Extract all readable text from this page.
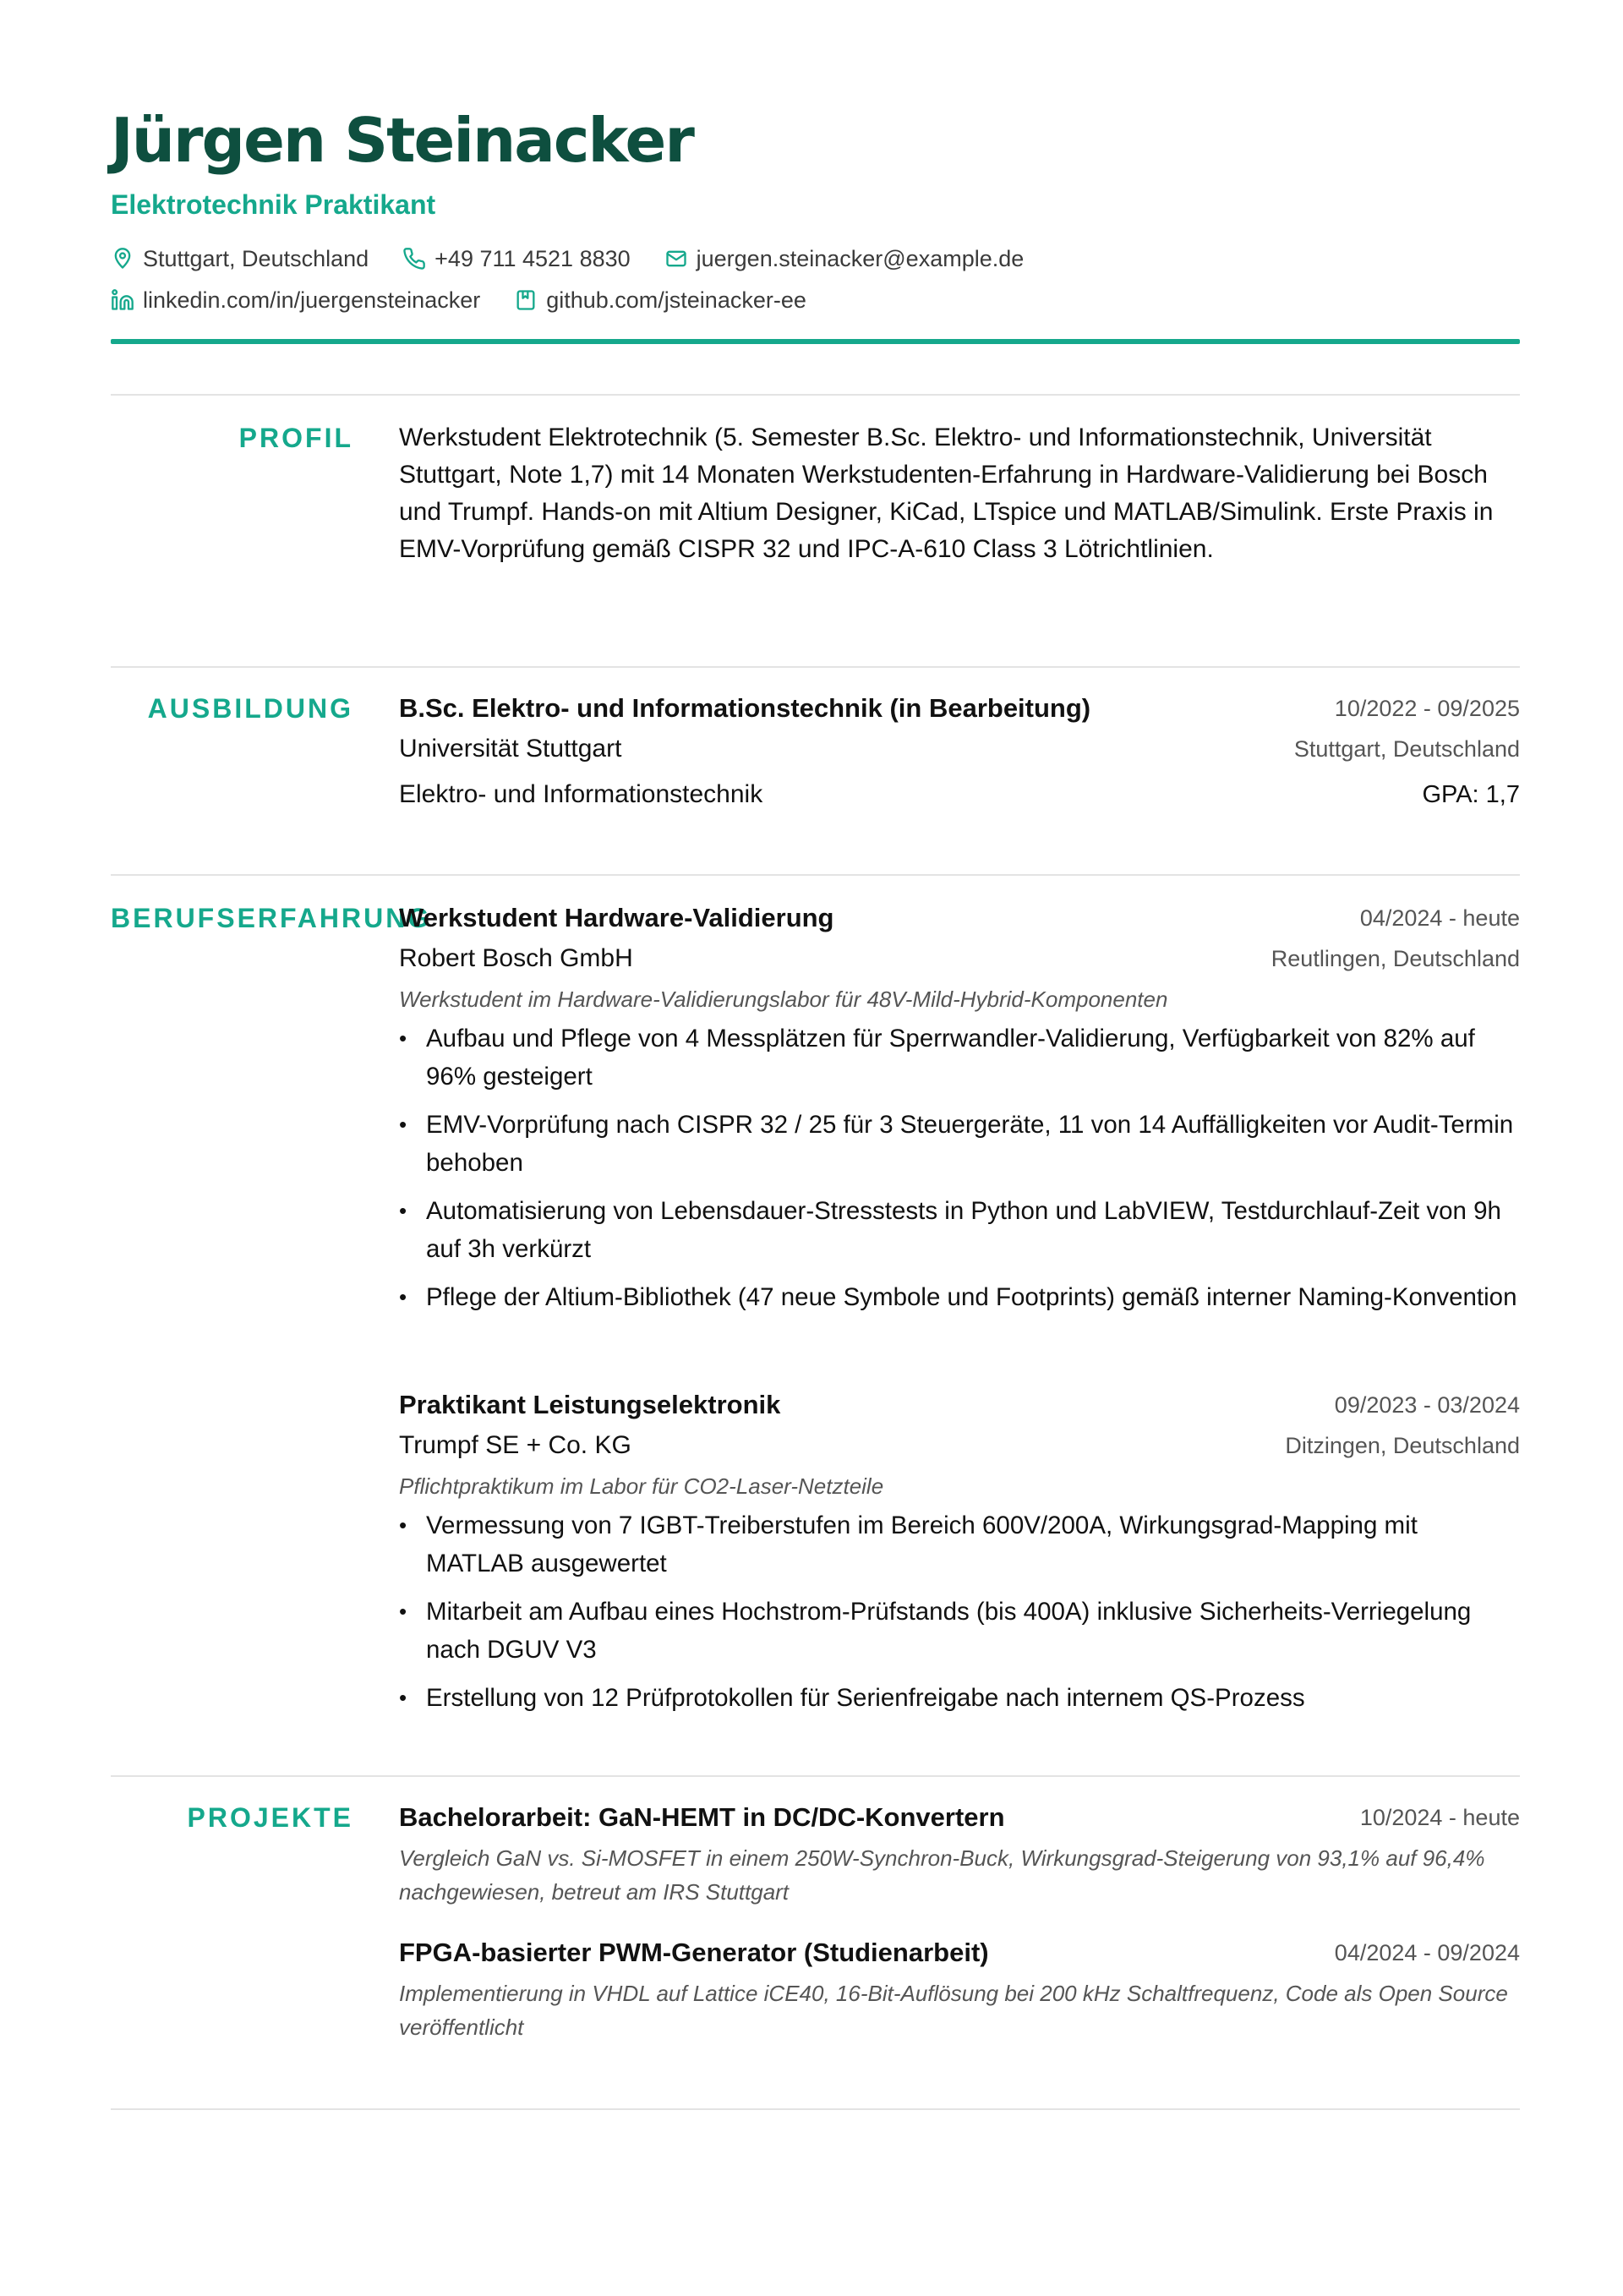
Jürgen Steinacker
Elektrotechnik Praktikant
Stuttgart, Deutschland	+49 711 4521 8830	juergen.steinacker@example.de
linkedin.com/in/juergensteinacker	github.com/jsteinacker-ee
PROFIL Werkstudent Elektrotechnik (5. Semester B.Sc. Elektro- und Informationstechnik, Universität Stuttgart, Note 1,7) mit 14 Monaten Werkstudenten-Erfahrung in Hardware-Validierung bei Bosch und Trumpf. Hands-on mit Altium Designer, KiCad, LTspice und MATLAB/Simulink. Erste Praxis in EMV-Vorprüfung gemäß CISPR 32 und IPC-A-610 Class 3 Lötrichtlinien.

AUSBILDUNG B.Sc. Elektro- und Informationstechnik (in Bearbeitung)	10/2022 - 09/2025
Universität Stuttgart	Stuttgart, Deutschland
Elektro- und Informationstechnik	GPA: 1,7
BERUFSERFAHRUNG
Werkstudent Hardware-Validierung	04/2024 - heute
Robert Bosch GmbH	Reutlingen, Deutschland
Werkstudent im Hardware-Validierungslabor für 48V-Mild-Hybrid-Komponenten
• Aufbau und Pflege von 4 Messplätzen für Sperrwandler-Validierung, Verfügbarkeit von 82% auf 96% gesteigert
• EMV-Vorprüfung nach CISPR 32 / 25 für 3 Steuergeräte, 11 von 14 Auffälligkeiten vor Audit-Termin behoben
• Automatisierung von Lebensdauer-Stresstests in Python und LabVIEW, Testdurchlauf-Zeit von 9h auf 3h verkürzt
• Pflege der Altium-Bibliothek (47 neue Symbole und Footprints) gemäß interner Naming-Konvention
Praktikant Leistungselektronik	09/2023 - 03/2024
Trumpf SE + Co. KG	Ditzingen, Deutschland
Pflichtpraktikum im Labor für CO2-Laser-Netzteile
• Vermessung von 7 IGBT-Treiberstufen im Bereich 600V/200A, Wirkungsgrad-Mapping mit MATLAB ausgewertet
• Mitarbeit am Aufbau eines Hochstrom-Prüfstands (bis 400A) inklusive Sicherheits-Verriegelung nach DGUV V3
• Erstellung von 12 Prüfprotokollen für Serienfreigabe nach internem QS-Prozess
PROJEKTE Bachelorarbeit: GaN-HEMT in DC/DC-Konvertern	10/2024 - heute
Vergleich GaN vs. Si-MOSFET in einem 250W-Synchron-Buck, Wirkungsgrad-Steigerung von 93,1% auf 96,4% nachgewiesen, betreut am IRS Stuttgart
FPGA-basierter PWM-Generator (Studienarbeit)	04/2024 - 09/2024
Implementierung in VHDL auf Lattice iCE40, 16-Bit-Auflösung bei 200 kHz Schaltfrequenz, Code als Open Source veröffentlicht
